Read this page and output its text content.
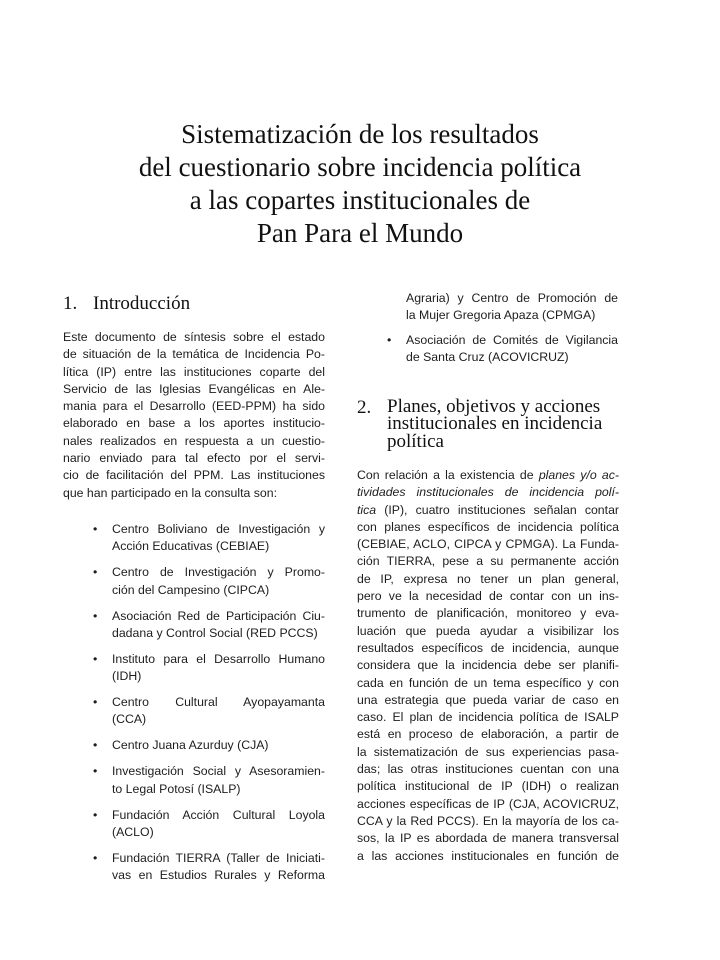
Sistematización de los resultados
del cuestionario sobre incidencia política
a las copartes institucionales de
Pan Para el Mundo
1. Introducción
Este documento de síntesis sobre el estado
de situación de la temática de Incidencia Po-
lítica (IP) entre las instituciones coparte del
Servicio de las Iglesias Evangélicas en Ale-
mania para el Desarrollo (EED-PPM) ha sido
elaborado en base a los aportes institucio-
nales realizados en respuesta a un cuestio-
nario enviado para tal efecto por el servi-
cio de facilitación del PPM. Las instituciones
que han participado en la consulta son:
• Centro Boliviano de Investigación y
Acción Educativas (CEBIAE)
• Centro de Investigación y Promo-
ción del Campesino (CIPCA)
• Asociación Red de Participación Ciu-
dadana y Control Social (RED PCCS)
• Instituto para el Desarrollo Humano
(IDH)
• Centro Cultural Ayopayamanta
(CCA)
• Centro Juana Azurduy (CJA)
• Investigación Social y Asesoramien-
to Legal Potosí (ISALP)
• Fundación Acción Cultural Loyola
(ACLO)
• Fundación TIERRA (Taller de Iniciati-
vas en Estudios Rurales y Reforma
Agraria) y Centro de Promoción de
la Mujer Gregoria Apaza (CPMGA)
• Asociación de Comités de Vigilancia
de Santa Cruz (ACOVICRUZ)
2. Planes, objetivos y acciones
institucionales en incidencia
política
Con relación a la existencia de planes y/o ac-
tividades institucionales de incidencia polí-
tica (IP), cuatro instituciones señalan contar
con planes específicos de incidencia política
(CEBIAE, ACLO, CIPCA y CPMGA). La Funda-
ción TIERRA, pese a su permanente acción
de IP, expresa no tener un plan general,
pero ve la necesidad de contar con un ins-
trumento de planificación, monitoreo y eva-
luación que pueda ayudar a visibilizar los
resultados específicos de incidencia, aunque
considera que la incidencia debe ser planifi-
cada en función de un tema específico y con
una estrategia que pueda variar de caso en
caso. El plan de incidencia política de ISALP
está en proceso de elaboración, a partir de
la sistematización de sus experiencias pasa-
das; las otras instituciones cuentan con una
política institucional de IP (IDH) o realizan
acciones específicas de IP (CJA, ACOVICRUZ,
CCA y la Red PCCS). En la mayoría de los ca-
sos, la IP es abordada de manera transversal
a las acciones institucionales en función de
